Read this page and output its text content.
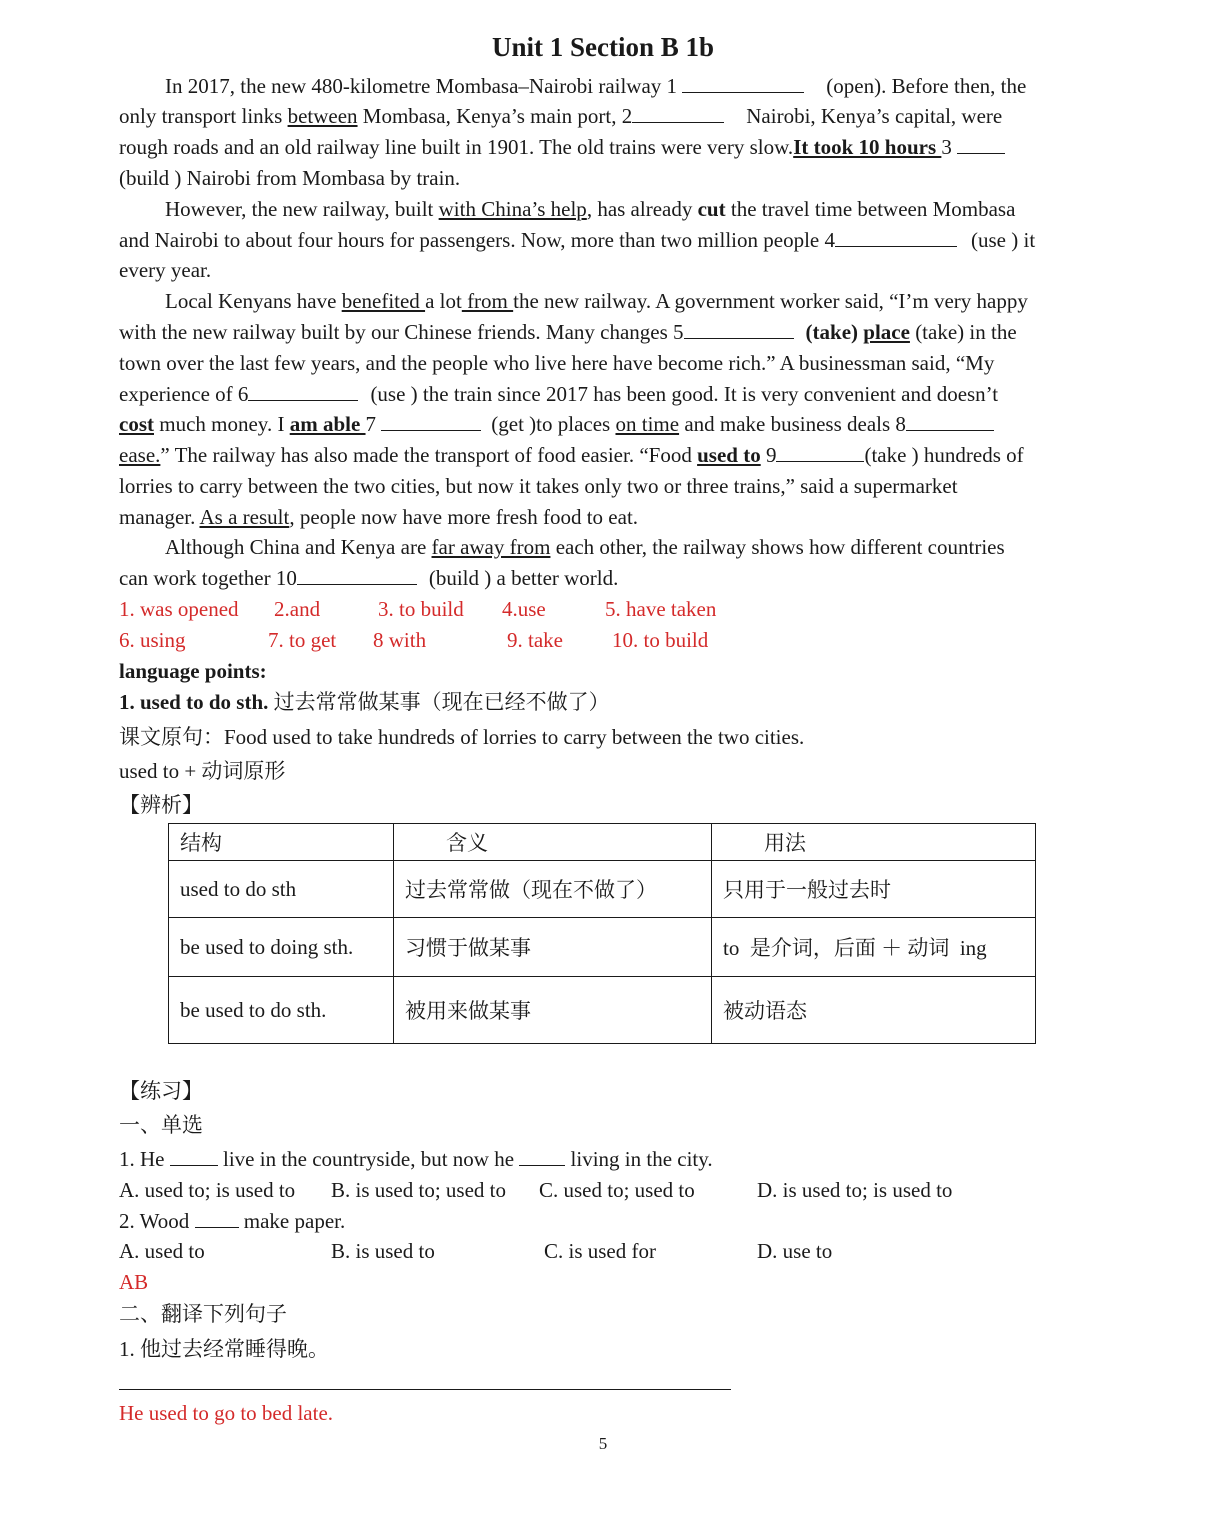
Unit 1 Section B 1b
In 2017, the new 480-kilometre Mombasa–Nairobi railway 1	(open). Before then, the
only transport links between Mombasa, Kenya’s main port, 2	Nairobi, Kenya’s capital, were
rough roads and an old railway line built in 1901. The old trains were very slow.It took 10 hours 3
(build ) Nairobi from Mombasa by train.
However, the new railway, built with China’s help, has already cut the travel time between Mombasa
and Nairobi to about four hours for passengers. Now, more than two million people 4	(use ) it
every year.
Local Kenyans have benefited a lot from the new railway. A government worker said, “I’m very happy
with the new railway built by our Chinese friends. Many changes 5	(take) place (take) in the
town over the last few years, and the people who live here have become rich.” A businessman said, “My
experience of 6	(use ) the train since 2017 has been good. It is very convenient and doesn’t
cost much money. I am able 7	(get )to places on time and make business deals 8
ease.” The railway has also made the transport of food easier. “Food used to 9	(take ) hundreds of
lorries to carry between the two cities, but now it takes only two or three trains,” said a supermarket
manager. As a result, people now have more fresh food to eat.
Although China and Kenya are far away from each other, the railway shows how different countries
can work together 10	(build ) a better world.
1. was opened 2.and	3. to build 4.use	5. have taken
6. using	7. to get 8 with	9. take 10. to build
language points:
1. used to do sth. 过去常常做某事（现在已经不做了）
课文原句：Food used to take hundreds of lorries to carry between the two cities.
used to + 动词原形
【辨析】
结构	含义	用法
used to do sth	过去常常做（现在不做了）	只用于一般过去时
be used to doing sth.	习惯于做某事	to  是介词，后面 ＋ 动词  ing
be used to do sth.	被用来做某事	被动语态
【练习】
一、单选
1. He	live in the countryside, but now he	living in the city.
A. used to; is used to B. is used to; used to C. used to; used to	D. is used to; is used to
2. Wood	make paper.
A. used to	B. is used to	C. is used for	D. use to
AB
二、翻译下列句子
1. 他过去经常睡得晚。
He used to go to bed late.
5
